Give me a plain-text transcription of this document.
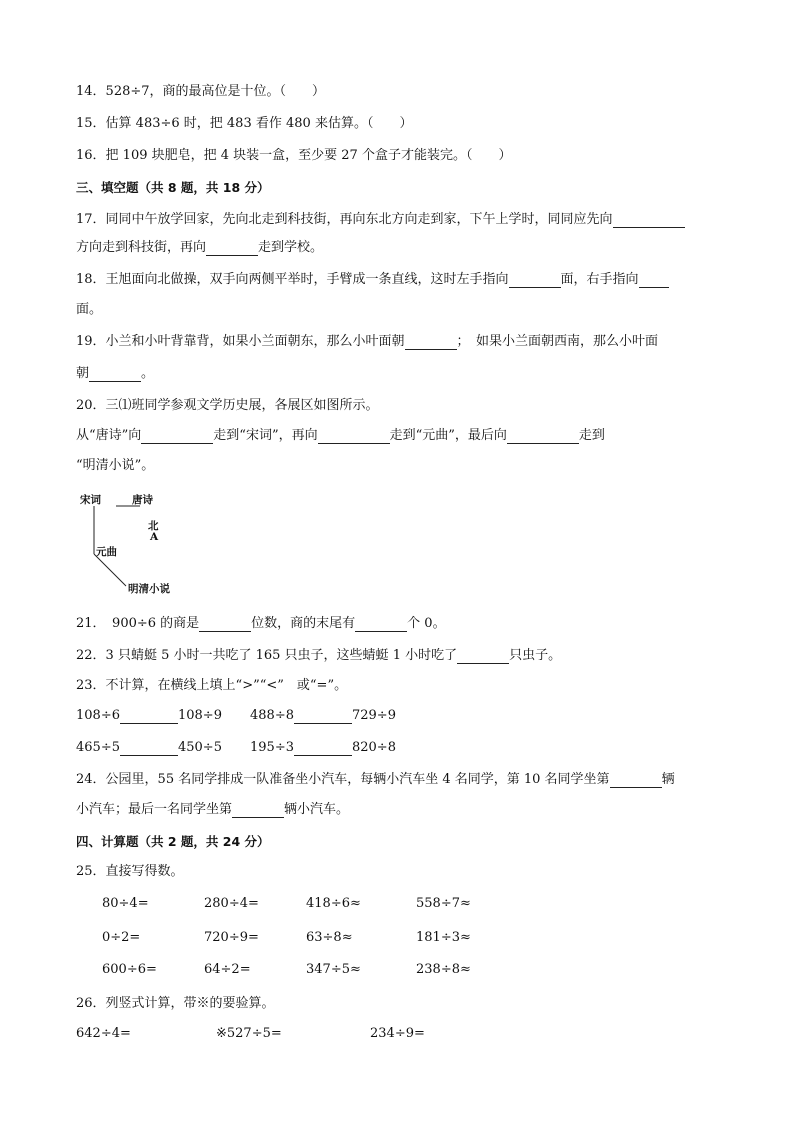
14．528÷7，商的最高位是十位。（　　）
15．估算 483÷6 时，把 483 看作 480 来估算。（　　）
16．把 109 块肥皂，把 4 块装一盒，至少要 27 个盒子才能装完。（　　）
三、填空题（共 8 题，共 18 分）
17．同同中午放学回家，先向北走到科技街，再向东北方向走到家，下午上学时，同同应先向
方向走到科技街，再向	走到学校。
18．王旭面向北做操，双手向两侧平举时，手臂成一条直线，这时左手指向	面，右手指向
面。
19．小兰和小叶背靠背，如果小兰面朝东，那么小叶面朝	；　如果小兰面朝西南，那么小叶面
朝	。
20．三⑴班同学参观文学历史展，各展区如图所示。
从“唐诗”向	走到“宋词”，再向	走到“元曲”，最后向	走到
“明清小说”。
宋词	唐诗
北
A
元曲
明清小说
21．　900÷6 的商是	位数，商的末尾有	个 0。
22．3 只蜻蜓 5 小时一共吃了 165 只虫子，这些蜻蜓 1 小时吃了	只虫子。
23．不计算，在横线上填上“>”“<”　或“=”。
108÷6	108÷9 488÷8	729÷9
465÷5	450÷5 195÷3	820÷8
24．公园里，55 名同学排成一队准备坐小汽车，每辆小汽车坐 4 名同学，第 10 名同学坐第	辆
小汽车；最后一名同学坐第	辆小汽车。
四、计算题（共 2 题，共 24 分）
25．直接写得数。
80÷4=	280÷4=	418÷6≈	558÷7≈
0÷2=	720÷9=	63÷8≈	181÷3≈
600÷6=	64÷2=	347÷5≈	238÷8≈
26．列竖式计算，带※的要验算。
642÷4=	※527÷5=	234÷9=
